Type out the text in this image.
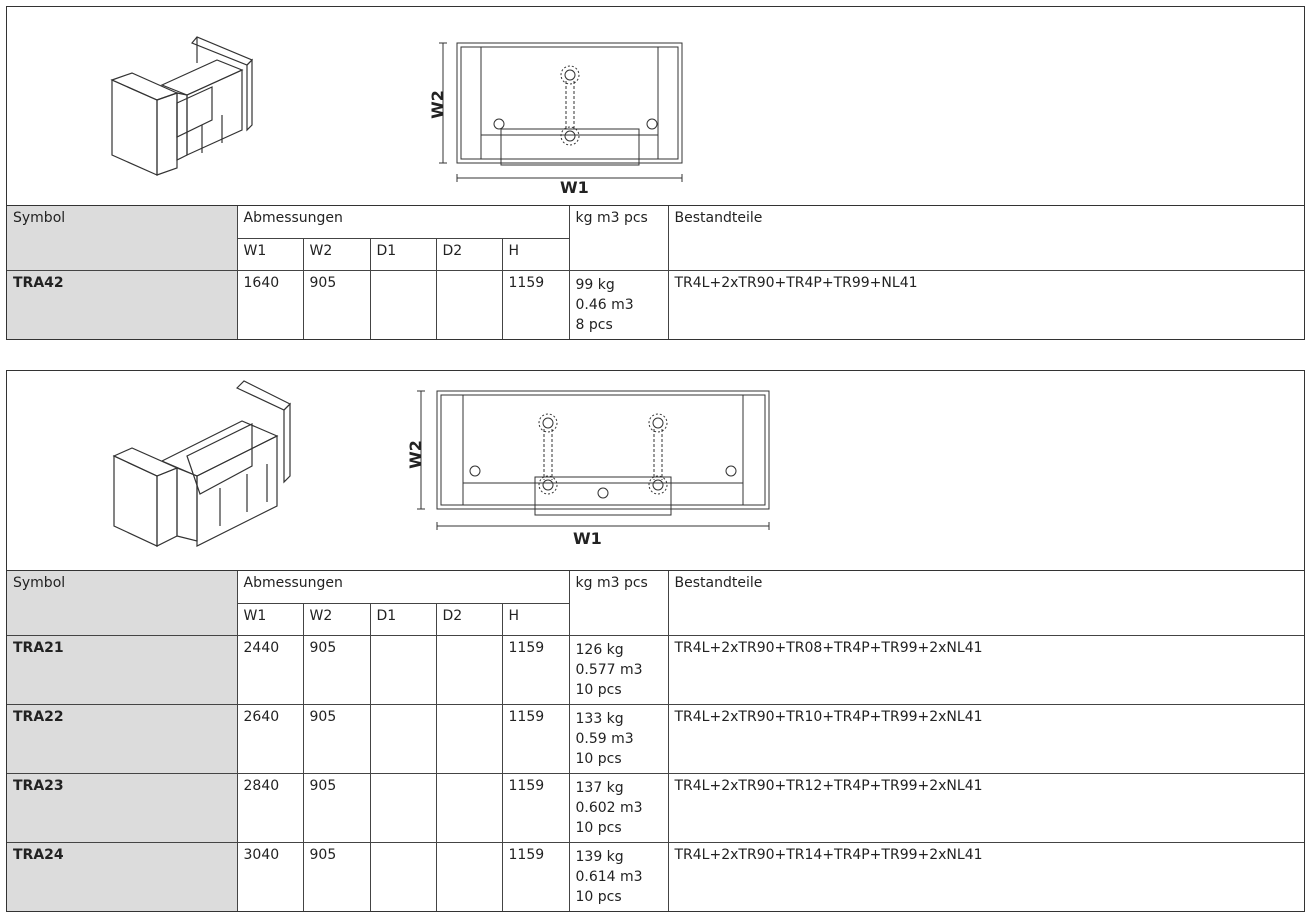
W2
W1
Symbol	Abmessungen					kg m3 pcs	Bestandteile
	W1	W2	D1	D2	H		
TRA42	1640	905			1159	99 kg
0.46 m3
8 pcs	TR4L+2xTR90+TR4P+TR99+NL41
W2
W1
Symbol	Abmessungen					kg m3 pcs	Bestandteile
	W1	W2	D1	D2	H		
TRA21	2440	905			1159	126 kg
0.577 m3
10 pcs	TR4L+2xTR90+TR08+TR4P+TR99+2xNL41
TRA22	2640	905			1159	133 kg
0.59 m3
10 pcs	TR4L+2xTR90+TR10+TR4P+TR99+2xNL41
TRA23	2840	905			1159	137 kg
0.602 m3
10 pcs	TR4L+2xTR90+TR12+TR4P+TR99+2xNL41
TRA24	3040	905			1159	139 kg
0.614 m3
10 pcs	TR4L+2xTR90+TR14+TR4P+TR99+2xNL41
